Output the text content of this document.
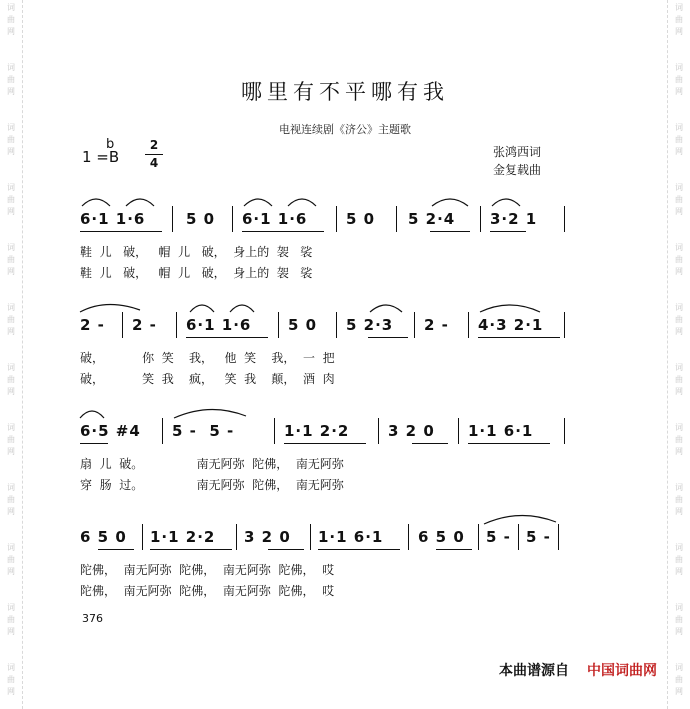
词
曲
网
词
曲
网
词
曲
网
词
曲
网
词
曲
网
词
曲
网
词
曲
网
词
曲
网
词
曲
网
词
曲
网
词
曲
网
词
曲
网
词
曲
网
词
曲
网
词
曲
网
词
曲
网
词
曲
网
词
曲
网
词
曲
网
词
曲
网
词
曲
网
词
曲
网
词
曲
网
词
曲
网
哪里有不平哪有我
电视连续剧《济公》主题歌
1 =B
b	2
4
张鸿西词
金复载曲
6·1 1·6	5 0 6·1 1·6	5 0 5 2·4 3·2 1
鞋  儿   破，   帽  儿   破，  身上的  袈   裟
鞋  儿   破，   帽  儿   破，  身上的  袈   裟
2 - 2 - 6·1 1·6 5 0 5 2·3 2 - 4·3 2·1
破，          你  笑    我，   他  笑    我，  一  把
破，          笑  我    疯，   笑  我    颠，  酒  肉
6·5 #4 5 -  5 -	1·1 2·2	3 2 0 1·1 6·1
扇  儿  破。              南无阿弥  陀佛，  南无阿弥
穿  肠  过。              南无阿弥  陀佛，  南无阿弥
6 5 0 1·1 2·2 3 2 0 1·1 6·1 6 5 0 5 - 5 -
陀佛，  南无阿弥  陀佛，  南无阿弥  陀佛，  哎
陀佛，  南无阿弥  陀佛，  南无阿弥  陀佛，  哎
376
本曲谱源自 中国词曲网
